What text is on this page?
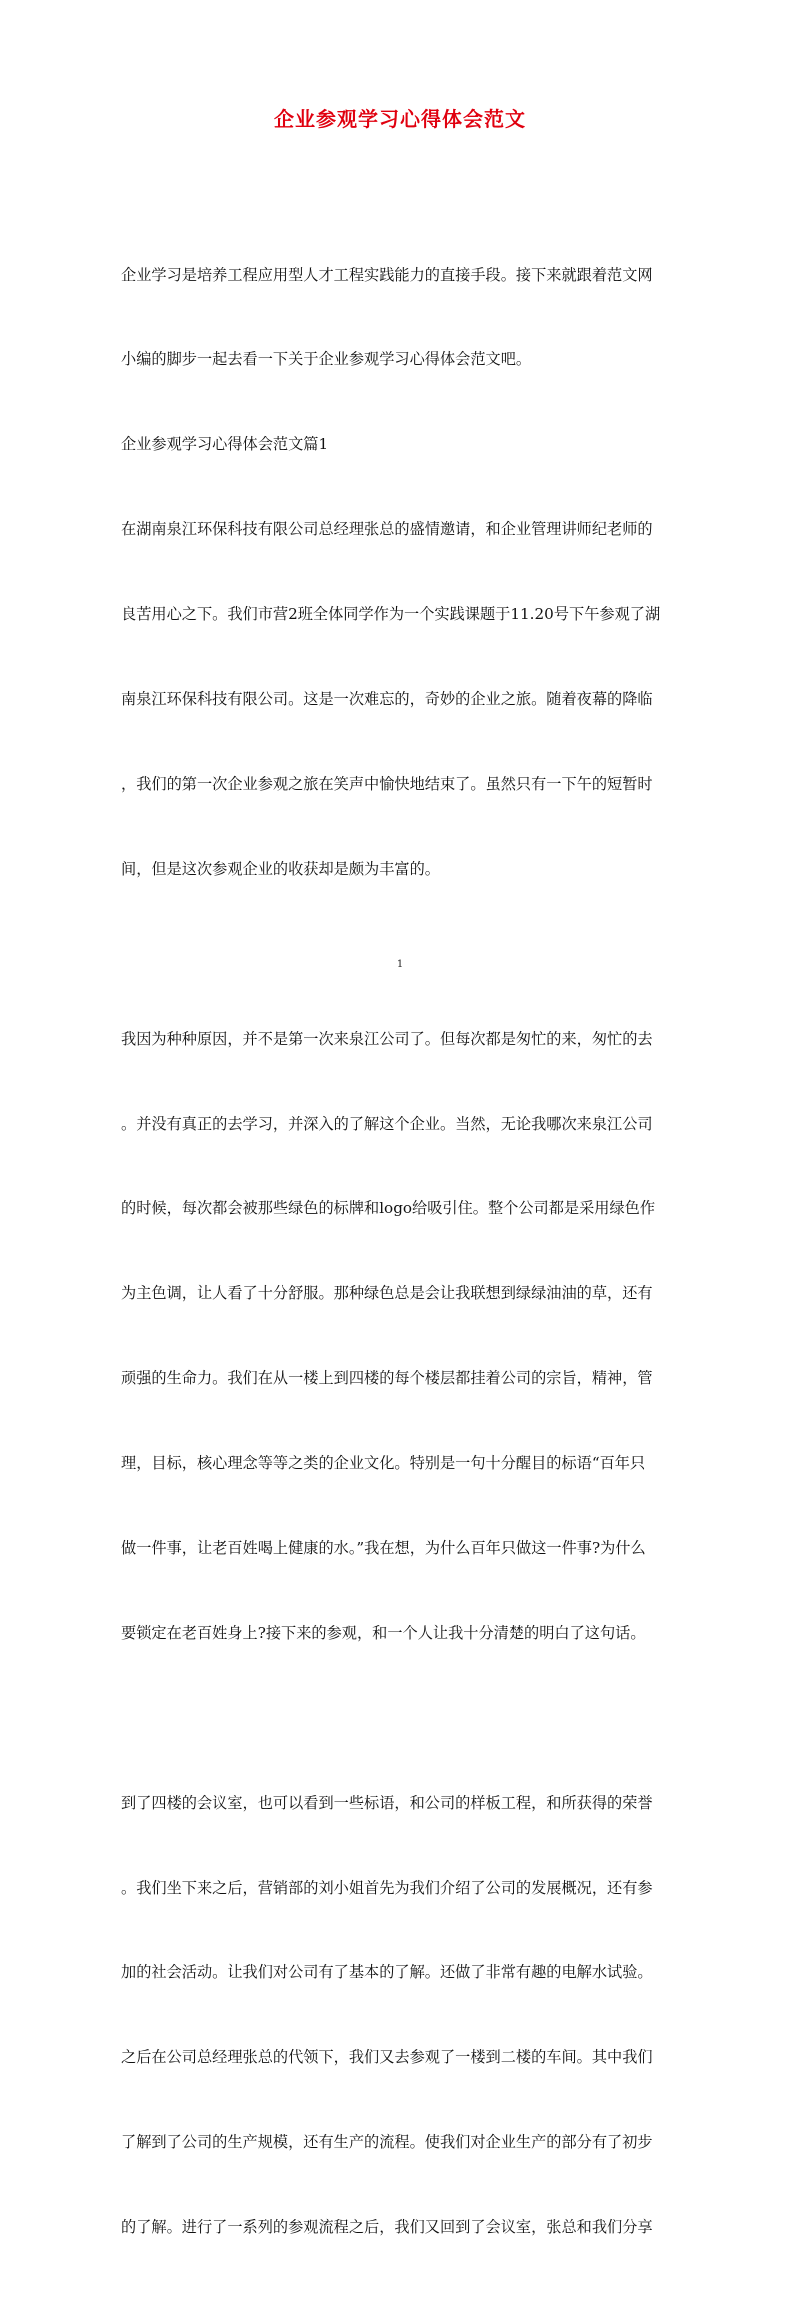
企业参观学习心得体会范文

企业学习是培养工程应用型人才工程实践能力的直接手段。接下来就跟着范文网

小编的脚步一起去看一下关于企业参观学习心得体会范文吧。

企业参观学习心得体会范文篇1

在湖南泉江环保科技有限公司总经理张总的盛情邀请，和企业管理讲师纪老师的

良苦用心之下。我们市营2班全体同学作为一个实践课题于11.20号下午参观了湖

南泉江环保科技有限公司。这是一次难忘的，奇妙的企业之旅。随着夜幕的降临

，我们的第一次企业参观之旅在笑声中愉快地结束了。虽然只有一下午的短暂时

间，但是这次参观企业的收获却是颇为丰富的。

我因为种种原因，并不是第一次来泉江公司了。但每次都是匆忙的来，匆忙的去

。并没有真正的去学习，并深入的了解这个企业。当然，无论我哪次来泉江公司

的时候，每次都会被那些绿色的标牌和logo给吸引住。整个公司都是采用绿色作

为主色调，让人看了十分舒服。那种绿色总是会让我联想到绿绿油油的草，还有

顽强的生命力。我们在从一楼上到四楼的每个楼层都挂着公司的宗旨，精神，管

理，目标，核心理念等等之类的企业文化。特别是一句十分醒目的标语“百年只

做一件事，让老百姓喝上健康的水。”我在想，为什么百年只做这一件事?为什么

要锁定在老百姓身上?接下来的参观，和一个人让我十分清楚的明白了这句话。

到了四楼的会议室，也可以看到一些标语，和公司的样板工程，和所获得的荣誉

。我们坐下来之后，营销部的刘小姐首先为我们介绍了公司的发展概况，还有参

加的社会活动。让我们对公司有了基本的了解。还做了非常有趣的电解水试验。

之后在公司总经理张总的代领下，我们又去参观了一楼到二楼的车间。其中我们

了解到了公司的生产规模，还有生产的流程。使我们对企业生产的部分有了初步

的了解。进行了一系列的参观流程之后，我们又回到了会议室，张总和我们分享

1
